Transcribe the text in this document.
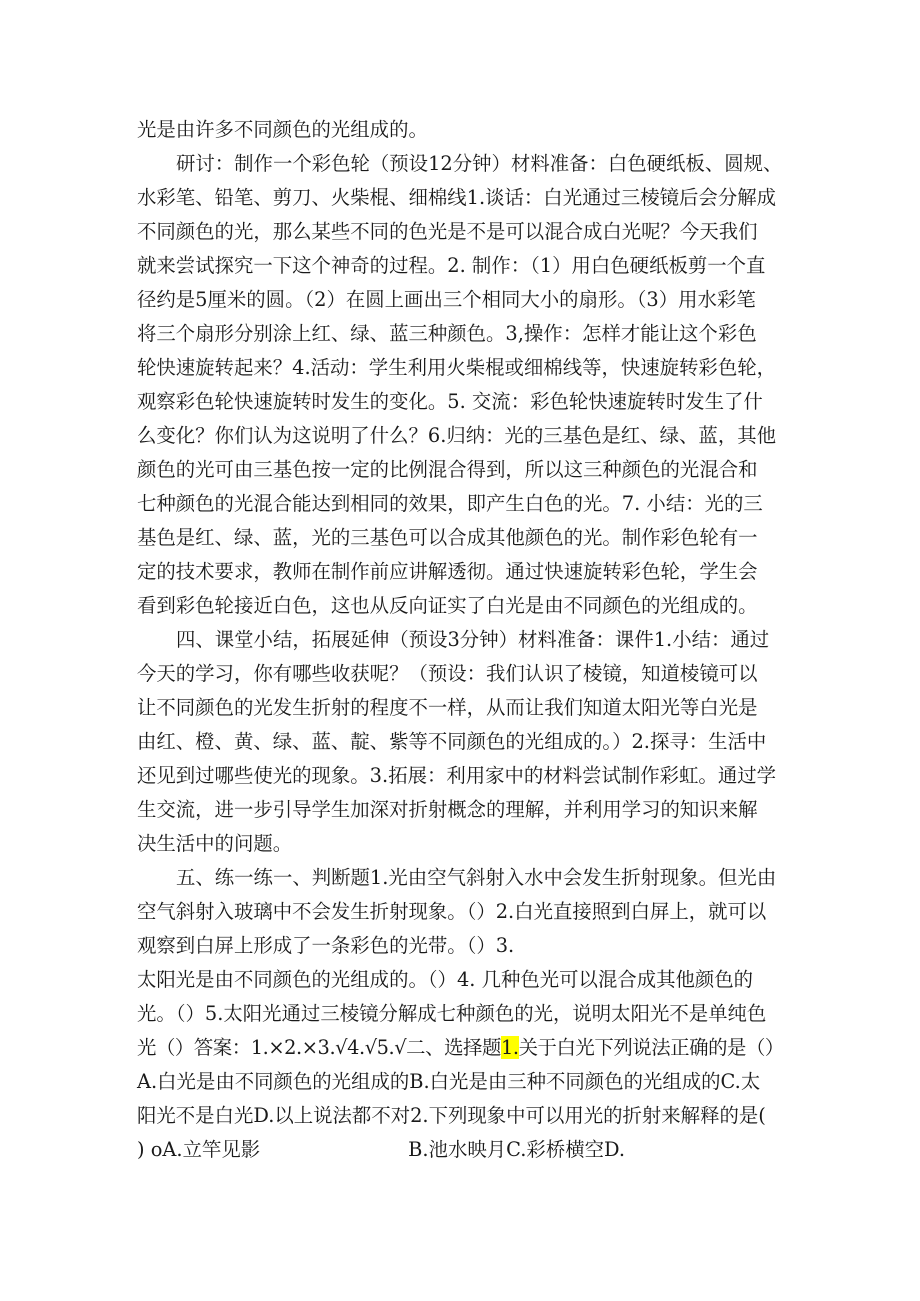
光是由许多不同颜色的光组成的。
研讨：制作一个彩色轮（预设12分钟）材料准备：白色硬纸板、圆规、
水彩笔、铅笔、剪刀、火柴棍、细棉线1.谈话：白光通过三棱镜后会分解成
不同颜色的光，那么某些不同的色光是不是可以混合成白光呢？今天我们
就来尝试探究一下这个神奇的过程。2. 制作：（1）用白色硬纸板剪一个直
径约是5厘米的圆。（2）在圆上画出三个相同大小的扇形。（3）用水彩笔
将三个扇形分别涂上红、绿、蓝三种颜色。3,操作：怎样才能让这个彩色
轮快速旋转起来？4.活动：学生利用火柴棍或细棉线等，快速旋转彩色轮，
观察彩色轮快速旋转时发生的变化。5. 交流：彩色轮快速旋转时发生了什
么变化？你们认为这说明了什么？6.归纳：光的三基色是红、绿、蓝，其他
颜色的光可由三基色按一定的比例混合得到，所以这三种颜色的光混合和
七种颜色的光混合能达到相同的效果，即产生白色的光。7. 小结：光的三
基色是红、绿、蓝，光的三基色可以合成其他颜色的光。制作彩色轮有一
定的技术要求，教师在制作前应讲解透彻。通过快速旋转彩色轮，学生会
看到彩色轮接近白色，这也从反向证实了白光是由不同颜色的光组成的。
四、课堂小结，拓展延伸（预设3分钟）材料准备：课件1.小结：通过
今天的学习，你有哪些收获呢？（预设：我们认识了棱镜，知道棱镜可以
让不同颜色的光发生折射的程度不一样，从而让我们知道太阳光等白光是
由红、橙、黄、绿、蓝、靛、紫等不同颜色的光组成的。）2.探寻：生活中
还见到过哪些使光的现象。3.拓展：利用家中的材料尝试制作彩虹。通过学
生交流，进一步引导学生加深对折射概念的理解，并利用学习的知识来解
决生活中的问题。
五、练一练一、判断题1.光由空气斜射入水中会发生折射现象。但光由
空气斜射入玻璃中不会发生折射现象。（）2.白光直接照到白屏上，就可以
观察到白屏上形成了一条彩色的光带。（）3.
太阳光是由不同颜色的光组成的。（）4. 几种色光可以混合成其他颜色的
光。（）5.太阳光通过三棱镜分解成七种颜色的光，说明太阳光不是单纯色
光（）答案：1.×2.×3.√4.√5.√二、选择题1.关于白光下列说法正确的是（）
A.白光是由不同颜色的光组成的B.白光是由三种不同颜色的光组成的C.太
阳光不是白光D.以上说法都不对2.下列现象中可以用光的折射来解释的是(
) oA.立竿见影	B.池水映月C.彩桥横空D.
